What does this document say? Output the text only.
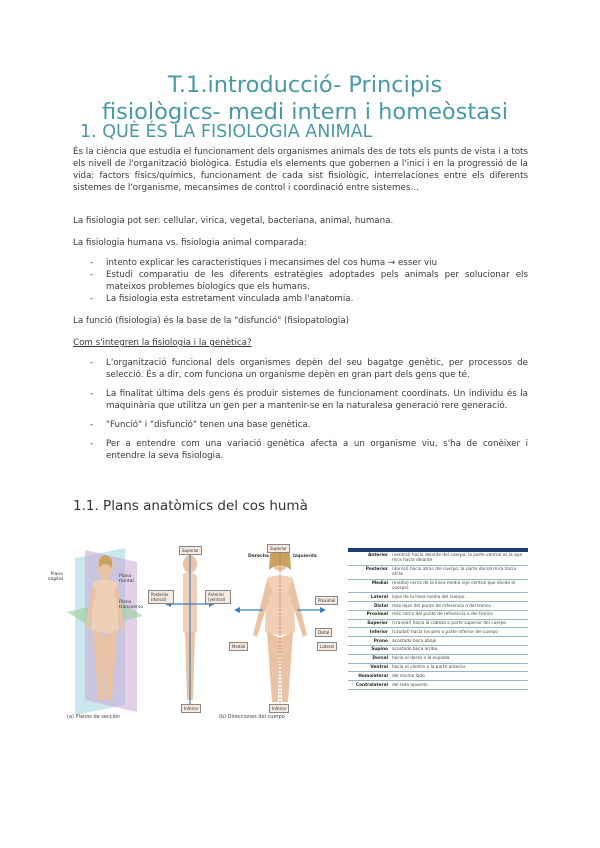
T.1.introducció- Principis
fisiològics- medi intern i homeòstasi
1. QUÈ ÉS LA FISIOLOGIA ANIMAL

És la ciència que estudia el funcionament dels organismes animals des de tots els punts de vista i a tots els nivell de l'organització biològica. Estudia els elements que gobernen a l'inici i en la progressió de la vida: factors físics/químics, funcionament de cada sist fisiològic, interrelaciones entre els diferents sistemes de l'organisme, mecansimes de control i coordinació entre sistemes…

La fisiologia pot ser: cellular, virica, vegetal, bacteriana, animal, humana.

La fisiologia humana vs. fisiologia animal comparada:

- intento explicar les caracteristiques i mecansimes del cos huma → esser viu
- Estudi comparatiu de les diferents estratègies adoptades pels animals per solucionar els mateixos problemes biologics que els humans.
- La fisiologia esta estretament vinculada amb l'anatomia.

La funció (fisiologia) és la base de la "disfunció" (fisiopatologia)

Com s'integren la fisiologia i la genètica?

- L'organització funcional dels organismes depèn del seu bagatge genètic, per processos de selecció. És a dir, com funciona un organisme depèn en gran part dels gens que té.
- La finalitat última dels gens és produir sistemes de funcionament coordinats. Un individu és la maquinària que utilitza un gen per a mantenir-se en la naturalesa generació rere generació.
- "Funció" i "disfunció" tenen una base genètica.
- Per a entendre com una variació genètica afecta a un organisme viu, s'ha de conèixer i entendre la seva fisiologia.
1.1. Plans anatòmics del cos humà
Plano sagital
Plano frontal
Plano transverso
(a) Planos de sección
Superior	Superior
Izquierda
Derecha
Posterior (dorsal)
Anterior (ventral)	Proximal
Distal
Inferior	Inferior
Lateral
Medial
(b) Direcciones del cuerpo

Anterior	(ventral) hacia delante del cuerpo; la parte ventral es la que mira hacia delante
Posterior	(dorsal) hacia atrás del cuerpo; la parte dorsal mira hacia atrás
Medial	(media) cerca de la línea media (eje central que divide el cuerpo)
Lateral	lejos de la línea media del cuerpo
Distal	más lejos del punto de referencia o del tronco
Proximal	más cerca del punto de referencia o del tronco
Superior	(craneal) hacia la cabeza o parte superior del cuerpo
Inferior	(caudal) hacia los pies o parte inferior del cuerpo
Prono	acostado boca abajo
Supino	acostado boca arriba
Dorsal	hacia el dorso o la espalda
Ventral	hacia el vientre o la parte anterior
Homolateral	del mismo lado
Contralateral	del lado opuesto
